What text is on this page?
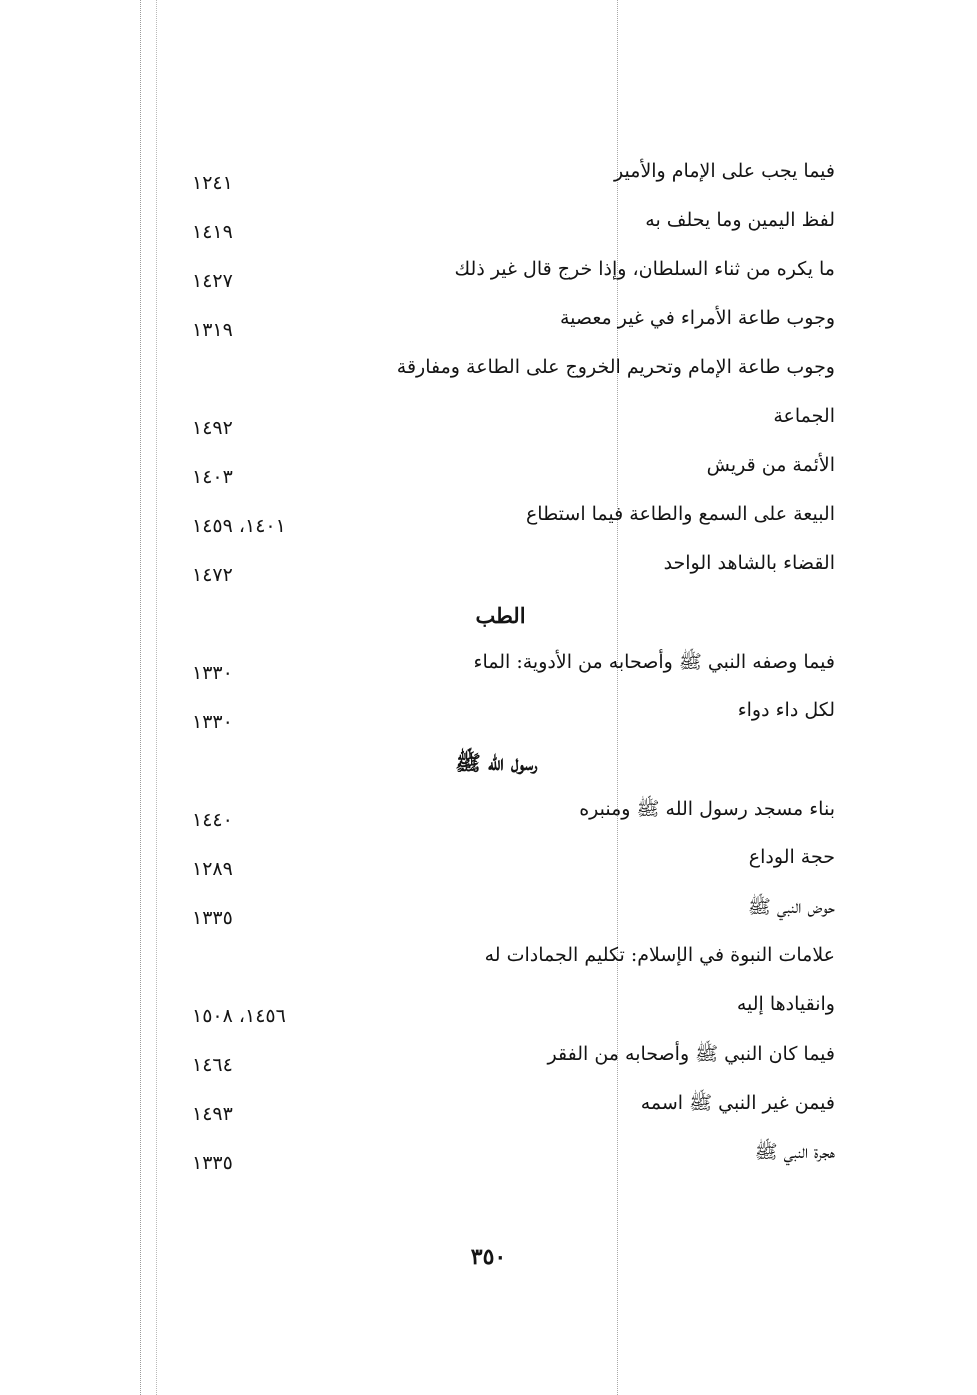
فيما يجب على الإمام والأمير
١٢٤١
لفظ اليمين وما يحلف به
١٤١٩
ما يكره من ثناء السلطان، وإذا خرج قال غير ذلك
١٤٢٧
وجوب طاعة الأمراء في غير معصية
١٣١٩
وجوب طاعة الإمام وتحريم الخروج على الطاعة ومفارقة
الجماعة
١٤٩٢
الأئمة من قريش
١٤٠٣
البيعة على السمع والطاعة فيما استطاع
١٤٠١، ١٤٥٩
القضاء بالشاهد الواحد
١٤٧٢
الطب
فيما وصفه النبي ﷺ وأصحابه من الأدوية: الماء
١٣٣٠
لكل داء دواء
١٣٣٠
رسول الله ﷺ
بناء مسجد رسول الله ﷺ ومنبره
١٤٤٠
حجة الوداع
١٢٨٩
حوض النبي ﷺ
١٣٣٥
علامات النبوة في الإسلام: تكليم الجمادات له
وانقيادها إليه
١٤٥٦، ١٥٠٨
فيما كان النبي ﷺ وأصحابه من الفقر
١٤٦٤
فيمن غير النبي ﷺ اسمه
١٤٩٣
هجرة النبي ﷺ
١٣٣٥
٣٥٠
